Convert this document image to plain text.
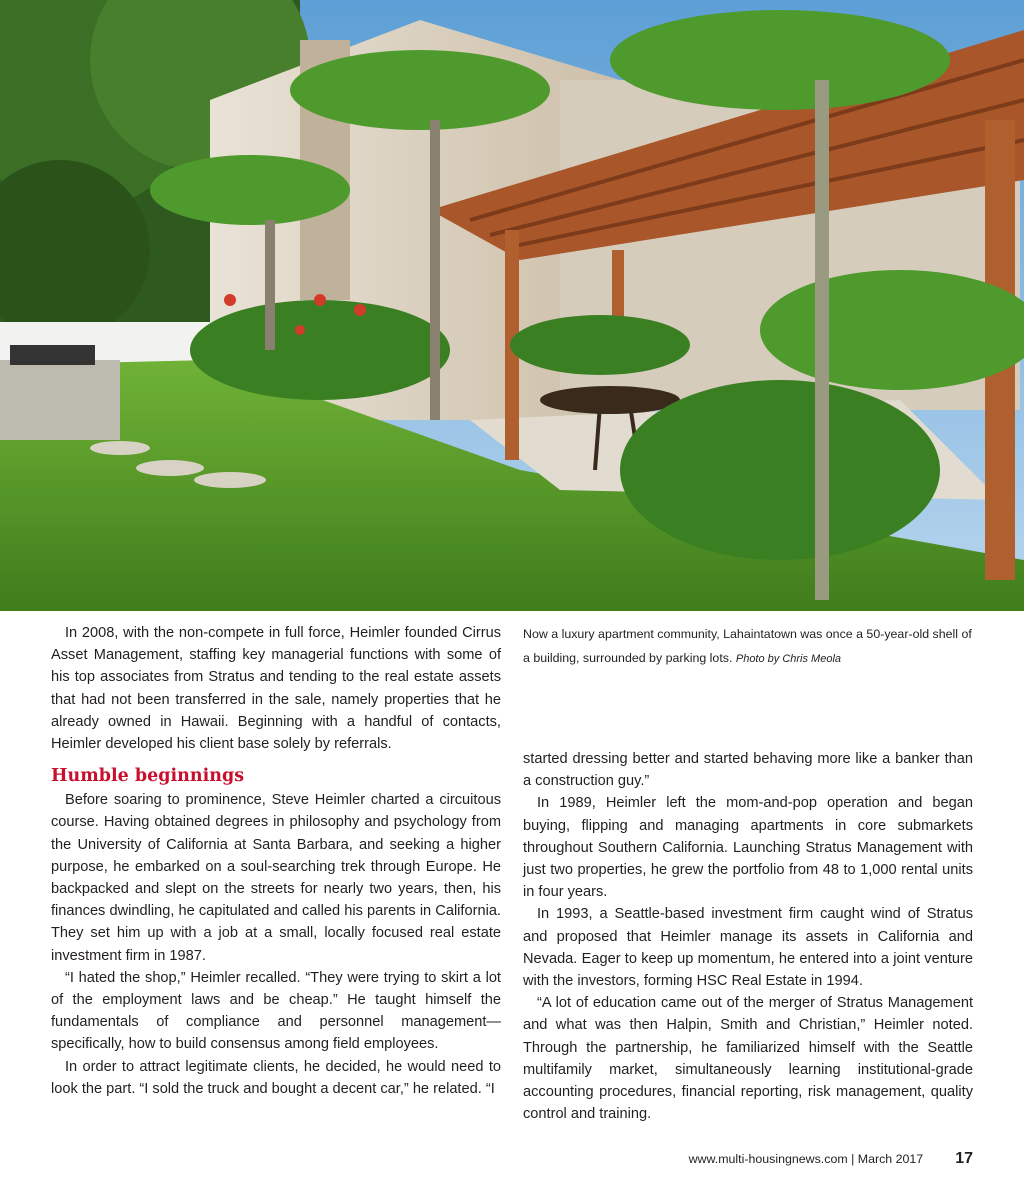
In 2008, with the non-compete in full force, Heimler founded Cirrus Asset Management, staffing key managerial functions with some of his top associates from Stratus and tending to the real estate assets that had not been transferred in the sale, namely properties that he already owned in Hawaii. Beginning with a handful of contacts, Heimler developed his client base solely by referrals.

Humble beginnings

Before soaring to prominence, Steve Heimler charted a circuitous course. Having obtained degrees in philosophy and psychology from the University of California at Santa Barbara, and seeking a higher purpose, he embarked on a soul-searching trek through Europe. He backpacked and slept on the streets for nearly two years, then, his finances dwindling, he capitulated and called his parents in California. They set him up with a job at a small, locally focused real estate investment firm in 1987.

“I hated the shop,” Heimler recalled. “They were trying to skirt a lot of the employment laws and be cheap.” He taught himself the fundamentals of compliance and personnel management—specifically, how to build consensus among field employees.

In order to attract legitimate clients, he decided, he would need to look the part. “I sold the truck and bought a decent car,” he related. “I

Now a luxury apartment community, Lahaintatown was once a 50-year-old shell of a building, surrounded by parking lots. Photo by Chris Meola

started dressing better and started behaving more like a banker than a construction guy.”

In 1989, Heimler left the mom-and-pop operation and began buying, flipping and managing apartments in core submarkets throughout Southern California. Launching Stratus Management with just two properties, he grew the portfolio from 48 to 1,000 rental units in four years.

In 1993, a Seattle-based investment firm caught wind of Stratus and proposed that Heimler manage its assets in California and Nevada. Eager to keep up momentum, he entered into a joint venture with the investors, forming HSC Real Estate in 1994.

“A lot of education came out of the merger of Stratus Management and what was then Halpin, Smith and Christian,” Heimler noted. Through the partnership, he familiarized himself with the Seattle multifamily market, simultaneously learning institutional-grade accounting procedures, financial reporting, risk management, quality control and training.

www.multi-housingnews.com | March 2017 17
